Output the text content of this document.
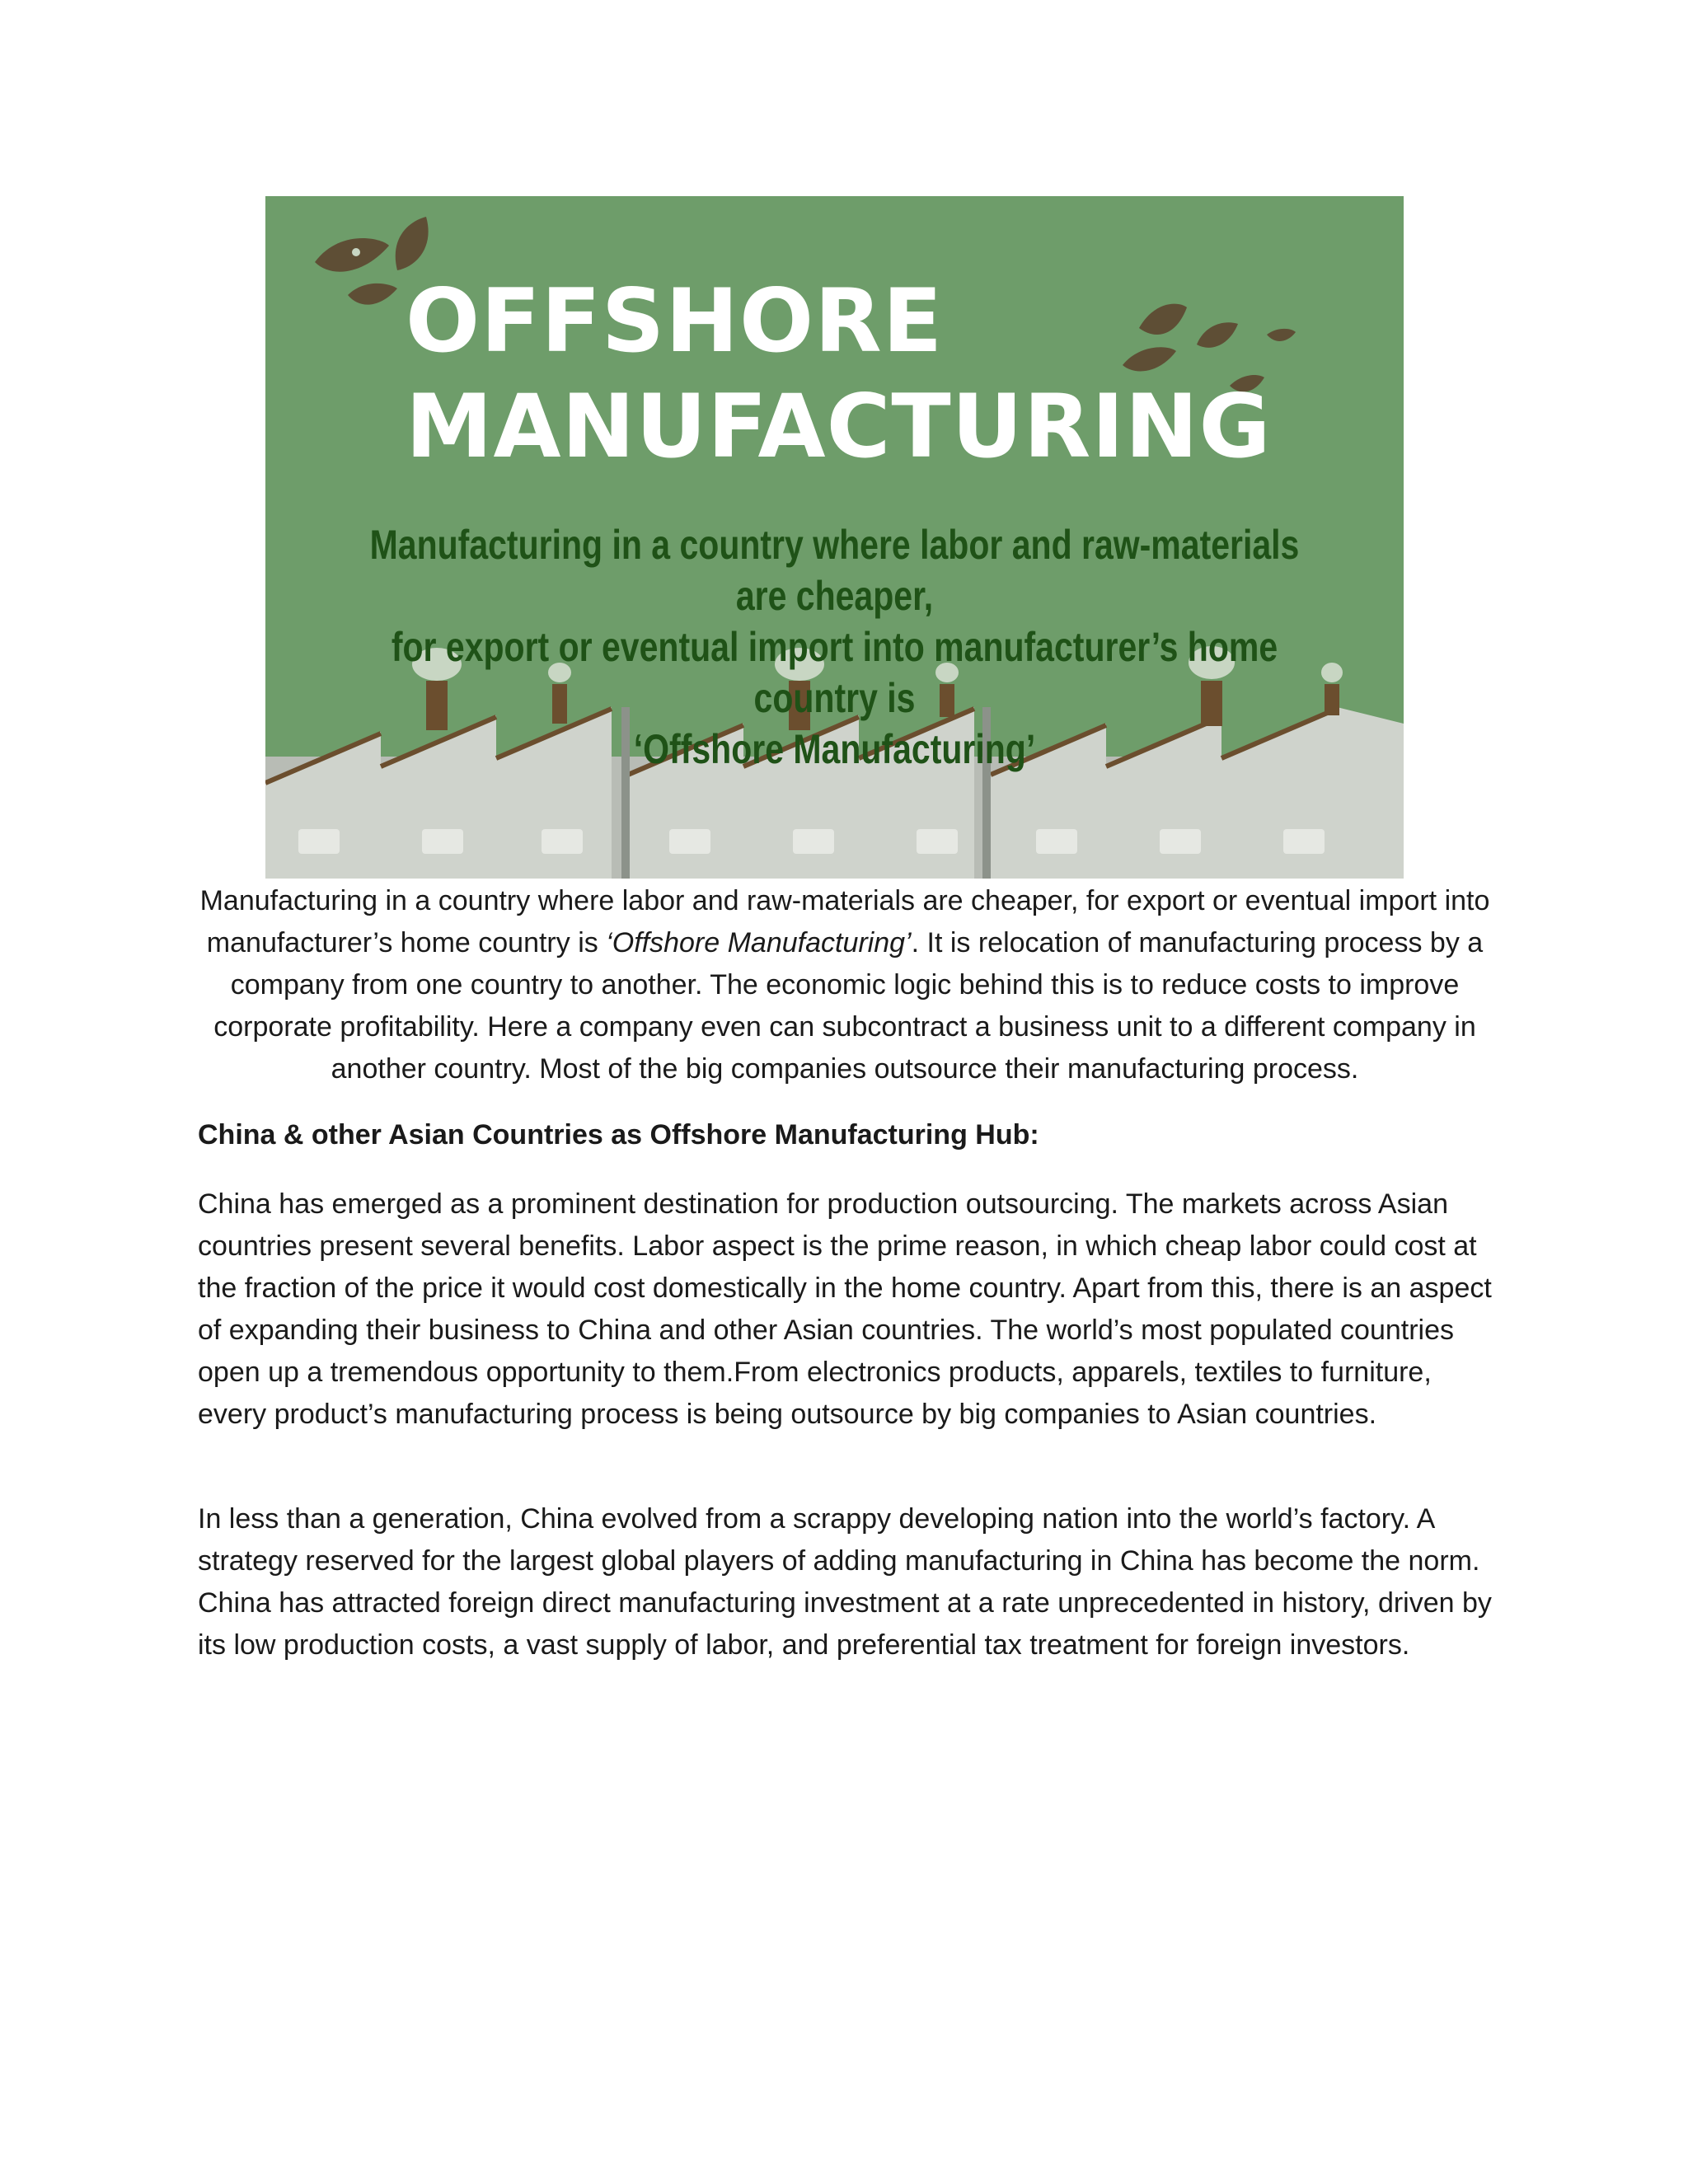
OFFSHORE
MANUFACTURING

Manufacturing in a country where labor and raw-materials are cheaper,
for export or eventual import into manufacturer’s home country is
‘Offshore Manufacturing’

Manufacturing in a country where labor and raw-materials are cheaper, for export or eventual import into manufacturer’s home country is ‘Offshore Manufacturing’. It is relocation of manufacturing process by a company from one country to another. The economic logic behind this is to reduce costs to improve corporate profitability. Here a company even can subcontract a business unit to a different company in another country. Most of the big companies outsource their manufacturing process.

China & other Asian Countries as Offshore Manufacturing Hub:

China has emerged as a prominent destination for production outsourcing. The markets across Asian countries present several benefits. Labor aspect is the prime reason, in which cheap labor could cost at the fraction of the price it would cost domestically in the home country. Apart from this, there is an aspect of expanding their business to China and other Asian countries. The world’s most populated countries open up a tremendous opportunity to them.From electronics products, apparels, textiles to furniture, every product’s manufacturing process is being outsource by big companies to Asian countries.

In less than a generation, China evolved from a scrappy developing nation into the world’s factory. A strategy reserved for the largest global players of adding manufacturing in China has become the norm. China has attracted foreign direct manufacturing investment at a rate unprecedented in history, driven by its low production costs, a vast supply of labor, and preferential tax treatment for foreign investors.
